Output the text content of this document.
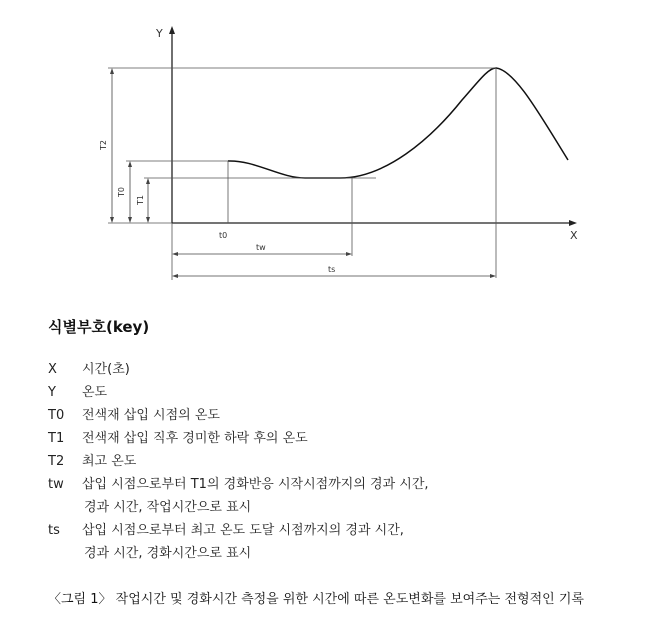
Y
X
T2
T0
T1
t0
tw
ts
식별부호(key)
X	시간(초)
Y	온도
T0	전색재 삽입 시점의 온도
T1	전색재 삽입 직후 경미한 하락 후의 온도
T2	최고 온도
tw	삽입 시점으로부터 T1의 경화반응 시작시점까지의 경과 시간,
경과 시간, 작업시간으로 표시
ts	삽입 시점으로부터 최고 온도 도달 시점까지의 경과 시간,
경과 시간, 경화시간으로 표시
〈그림 1〉 작업시간 및 경화시간 측정을 위한 시간에 따른 온도변화를 보여주는 전형적인 기록
